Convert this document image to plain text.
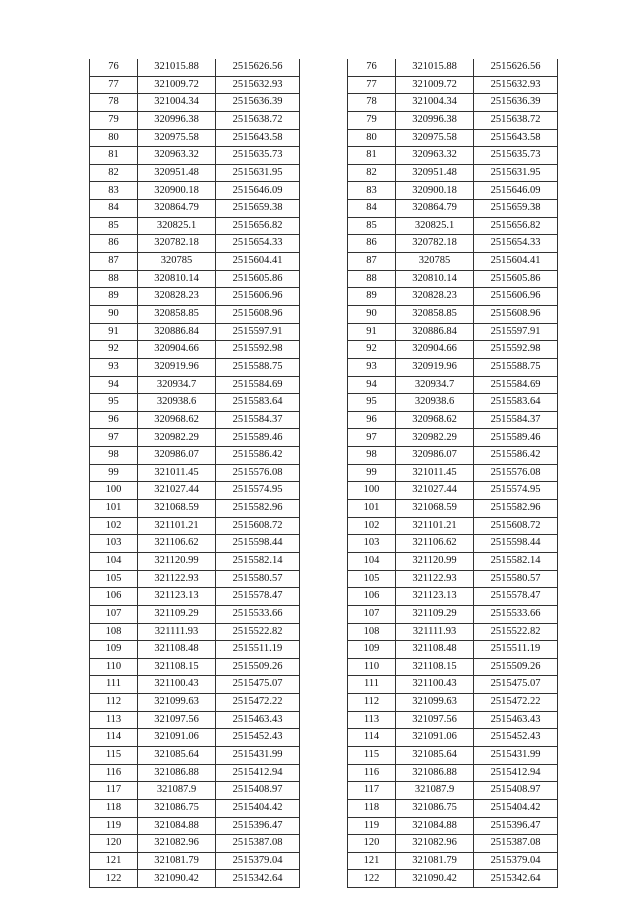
76	321015.88	2515626.56
77	321009.72	2515632.93
78	321004.34	2515636.39
79	320996.38	2515638.72
80	320975.58	2515643.58
81	320963.32	2515635.73
82	320951.48	2515631.95
83	320900.18	2515646.09
84	320864.79	2515659.38
85	320825.1	2515656.82
86	320782.18	2515654.33
87	320785	2515604.41
88	320810.14	2515605.86
89	320828.23	2515606.96
90	320858.85	2515608.96
91	320886.84	2515597.91
92	320904.66	2515592.98
93	320919.96	2515588.75
94	320934.7	2515584.69
95	320938.6	2515583.64
96	320968.62	2515584.37
97	320982.29	2515589.46
98	320986.07	2515586.42
99	321011.45	2515576.08
100	321027.44	2515574.95
101	321068.59	2515582.96
102	321101.21	2515608.72
103	321106.62	2515598.44
104	321120.99	2515582.14
105	321122.93	2515580.57
106	321123.13	2515578.47
107	321109.29	2515533.66
108	321111.93	2515522.82
109	321108.48	2515511.19
110	321108.15	2515509.26
111	321100.43	2515475.07
112	321099.63	2515472.22
113	321097.56	2515463.43
114	321091.06	2515452.43
115	321085.64	2515431.99
116	321086.88	2515412.94
117	321087.9	2515408.97
118	321086.75	2515404.42
119	321084.88	2515396.47
120	321082.96	2515387.08
121	321081.79	2515379.04
122	321090.42	2515342.64
76	321015.88	2515626.56
77	321009.72	2515632.93
78	321004.34	2515636.39
79	320996.38	2515638.72
80	320975.58	2515643.58
81	320963.32	2515635.73
82	320951.48	2515631.95
83	320900.18	2515646.09
84	320864.79	2515659.38
85	320825.1	2515656.82
86	320782.18	2515654.33
87	320785	2515604.41
88	320810.14	2515605.86
89	320828.23	2515606.96
90	320858.85	2515608.96
91	320886.84	2515597.91
92	320904.66	2515592.98
93	320919.96	2515588.75
94	320934.7	2515584.69
95	320938.6	2515583.64
96	320968.62	2515584.37
97	320982.29	2515589.46
98	320986.07	2515586.42
99	321011.45	2515576.08
100	321027.44	2515574.95
101	321068.59	2515582.96
102	321101.21	2515608.72
103	321106.62	2515598.44
104	321120.99	2515582.14
105	321122.93	2515580.57
106	321123.13	2515578.47
107	321109.29	2515533.66
108	321111.93	2515522.82
109	321108.48	2515511.19
110	321108.15	2515509.26
111	321100.43	2515475.07
112	321099.63	2515472.22
113	321097.56	2515463.43
114	321091.06	2515452.43
115	321085.64	2515431.99
116	321086.88	2515412.94
117	321087.9	2515408.97
118	321086.75	2515404.42
119	321084.88	2515396.47
120	321082.96	2515387.08
121	321081.79	2515379.04
122	321090.42	2515342.64
